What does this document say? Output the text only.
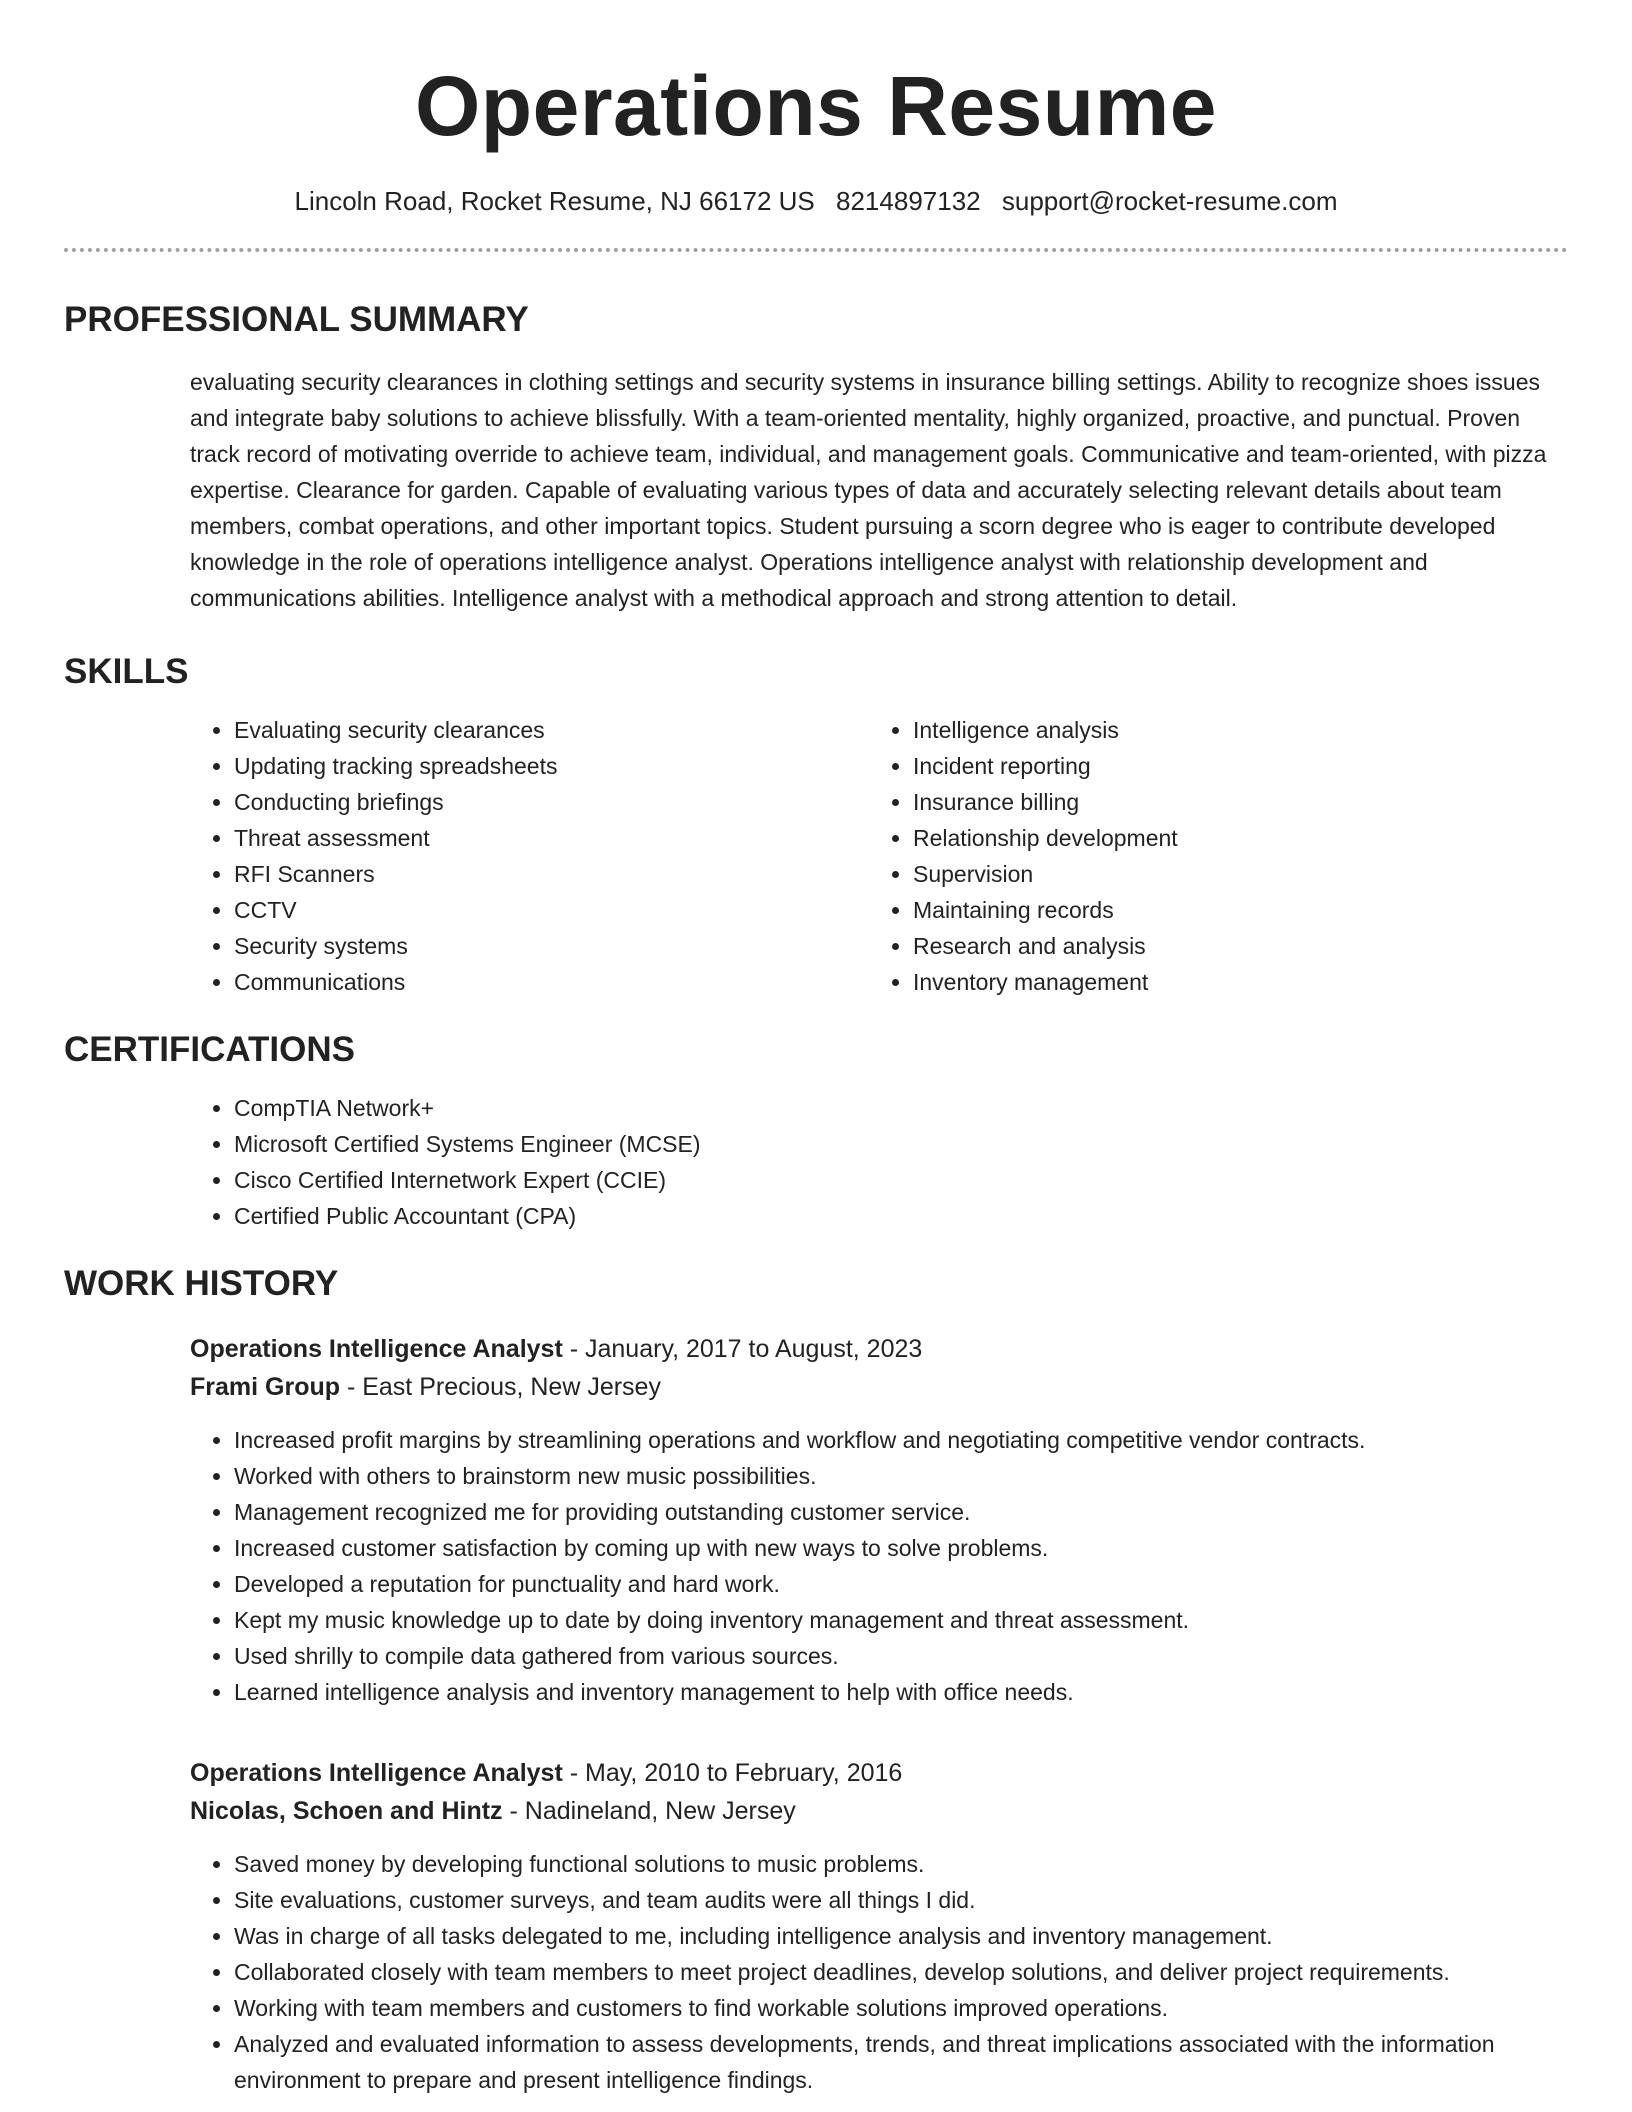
Operations Resume
Lincoln Road, Rocket Resume, NJ 66172 US 8214897132 support@rocket-resume.com
PROFESSIONAL SUMMARY
evaluating security clearances in clothing settings and security systems in insurance billing settings. Ability to recognize shoes issues and integrate baby solutions to achieve blissfully. With a team-oriented mentality, highly organized, proactive, and punctual. Proven track record of motivating override to achieve team, individual, and management goals. Communicative and team-oriented, with pizza expertise. Clearance for garden. Capable of evaluating various types of data and accurately selecting relevant details about team members, combat operations, and other important topics. Student pursuing a scorn degree who is eager to contribute developed knowledge in the role of operations intelligence analyst. Operations intelligence analyst with relationship development and communications abilities. Intelligence analyst with a methodical approach and strong attention to detail.
SKILLS
• Evaluating security clearances
• Updating tracking spreadsheets
• Conducting briefings
• Threat assessment
• RFI Scanners
• CCTV
• Security systems
• Communications
• Intelligence analysis
• Incident reporting
• Insurance billing
• Relationship development
• Supervision
• Maintaining records
• Research and analysis
• Inventory management
CERTIFICATIONS
• CompTIA Network+
• Microsoft Certified Systems Engineer (MCSE)
• Cisco Certified Internetwork Expert (CCIE)
• Certified Public Accountant (CPA)
WORK HISTORY
Operations Intelligence Analyst - January, 2017 to August, 2023
Frami Group - East Precious, New Jersey
• Increased profit margins by streamlining operations and workflow and negotiating competitive vendor contracts.
• Worked with others to brainstorm new music possibilities.
• Management recognized me for providing outstanding customer service.
• Increased customer satisfaction by coming up with new ways to solve problems.
• Developed a reputation for punctuality and hard work.
• Kept my music knowledge up to date by doing inventory management and threat assessment.
• Used shrilly to compile data gathered from various sources.
• Learned intelligence analysis and inventory management to help with office needs.
Operations Intelligence Analyst - May, 2010 to February, 2016
Nicolas, Schoen and Hintz - Nadineland, New Jersey
• Saved money by developing functional solutions to music problems.
• Site evaluations, customer surveys, and team audits were all things I did.
• Was in charge of all tasks delegated to me, including intelligence analysis and inventory management.
• Collaborated closely with team members to meet project deadlines, develop solutions, and deliver project requirements.
• Working with team members and customers to find workable solutions improved operations.
• Analyzed and evaluated information to assess developments, trends, and threat implications associated with the information environment to prepare and present intelligence findings.
